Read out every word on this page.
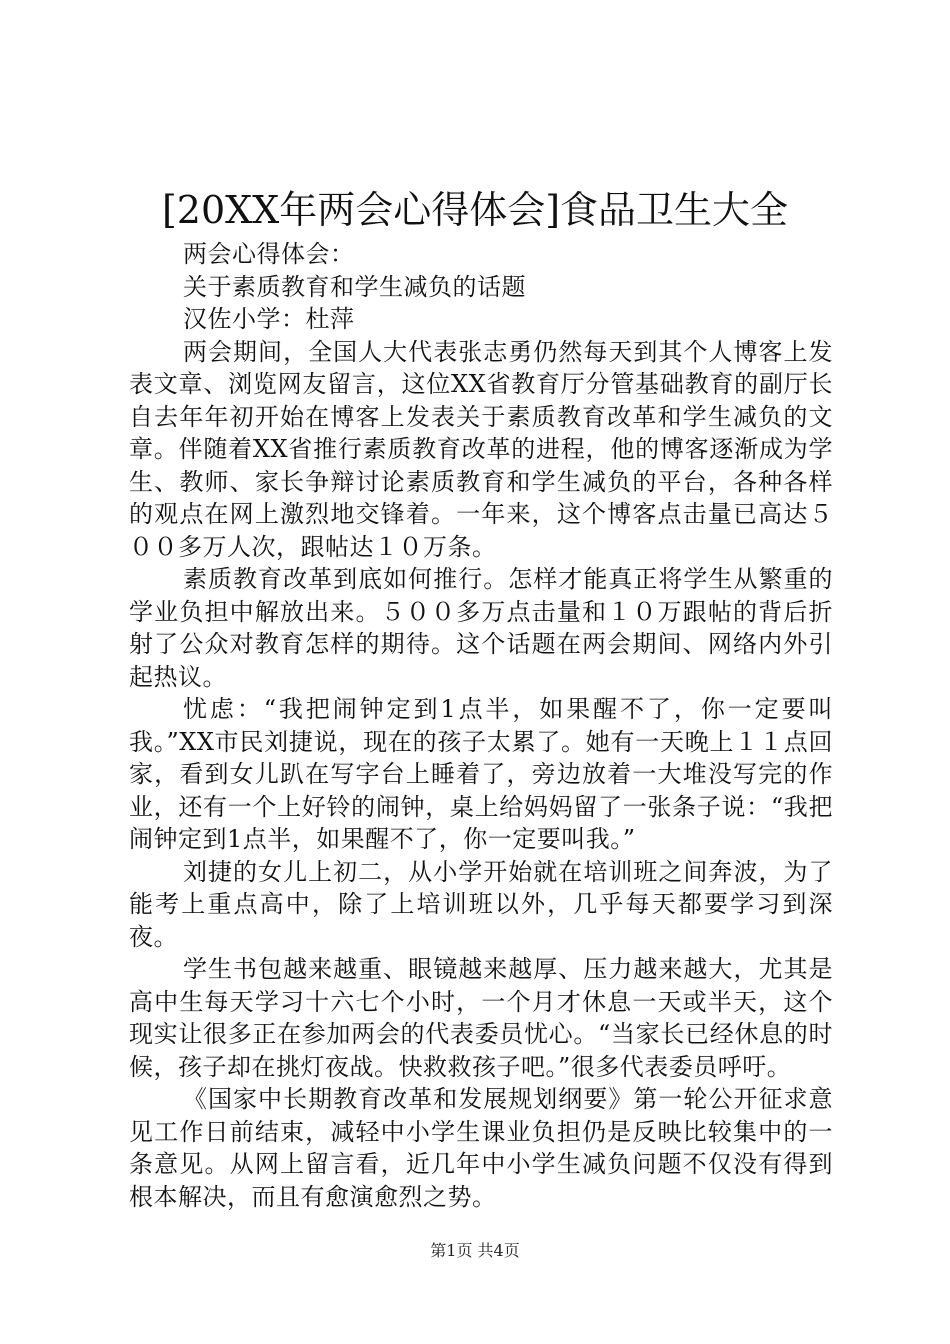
[20XX年两会心得体会]食品卫生大全

两会心得体会：

关于素质教育和学生减负的话题

汉佐小学：杜萍

两会期间，全国人大代表张志勇仍然每天到其个人博客上发表文章、浏览网友留言，这位XX省教育厅分管基础教育的副厅长自去年年初开始在博客上发表关于素质教育改革和学生减负的文章。伴随着XX省推行素质教育改革的进程，他的博客逐渐成为学生、教师、家长争辩讨论素质教育和学生减负的平台，各种各样的观点在网上激烈地交锋着。一年来，这个博客点击量已高达５００多万人次，跟帖达１０万条。

素质教育改革到底如何推行。怎样才能真正将学生从繁重的学业负担中解放出来。５００多万点击量和１０万跟帖的背后折射了公众对教育怎样的期待。这个话题在两会期间、网络内外引起热议。

忧虑：“我把闹钟定到1点半，如果醒不了，你一定要叫我。”XX市民刘捷说，现在的孩子太累了。她有一天晚上１１点回家，看到女儿趴在写字台上睡着了，旁边放着一大堆没写完的作业，还有一个上好铃的闹钟，桌上给妈妈留了一张条子说：“我把闹钟定到1点半，如果醒不了，你一定要叫我。”

刘捷的女儿上初二，从小学开始就在培训班之间奔波，为了能考上重点高中，除了上培训班以外，几乎每天都要学习到深夜。

学生书包越来越重、眼镜越来越厚、压力越来越大，尤其是高中生每天学习十六七个小时，一个月才休息一天或半天，这个现实让很多正在参加两会的代表委员忧心。“当家长已经休息的时候，孩子却在挑灯夜战。快救救孩子吧。”很多代表委员呼吁。

《国家中长期教育改革和发展规划纲要》第一轮公开征求意见工作日前结束，减轻中小学生课业负担仍是反映比较集中的一条意见。从网上留言看，近几年中小学生减负问题不仅没有得到根本解决，而且有愈演愈烈之势。

第1页 共4页
